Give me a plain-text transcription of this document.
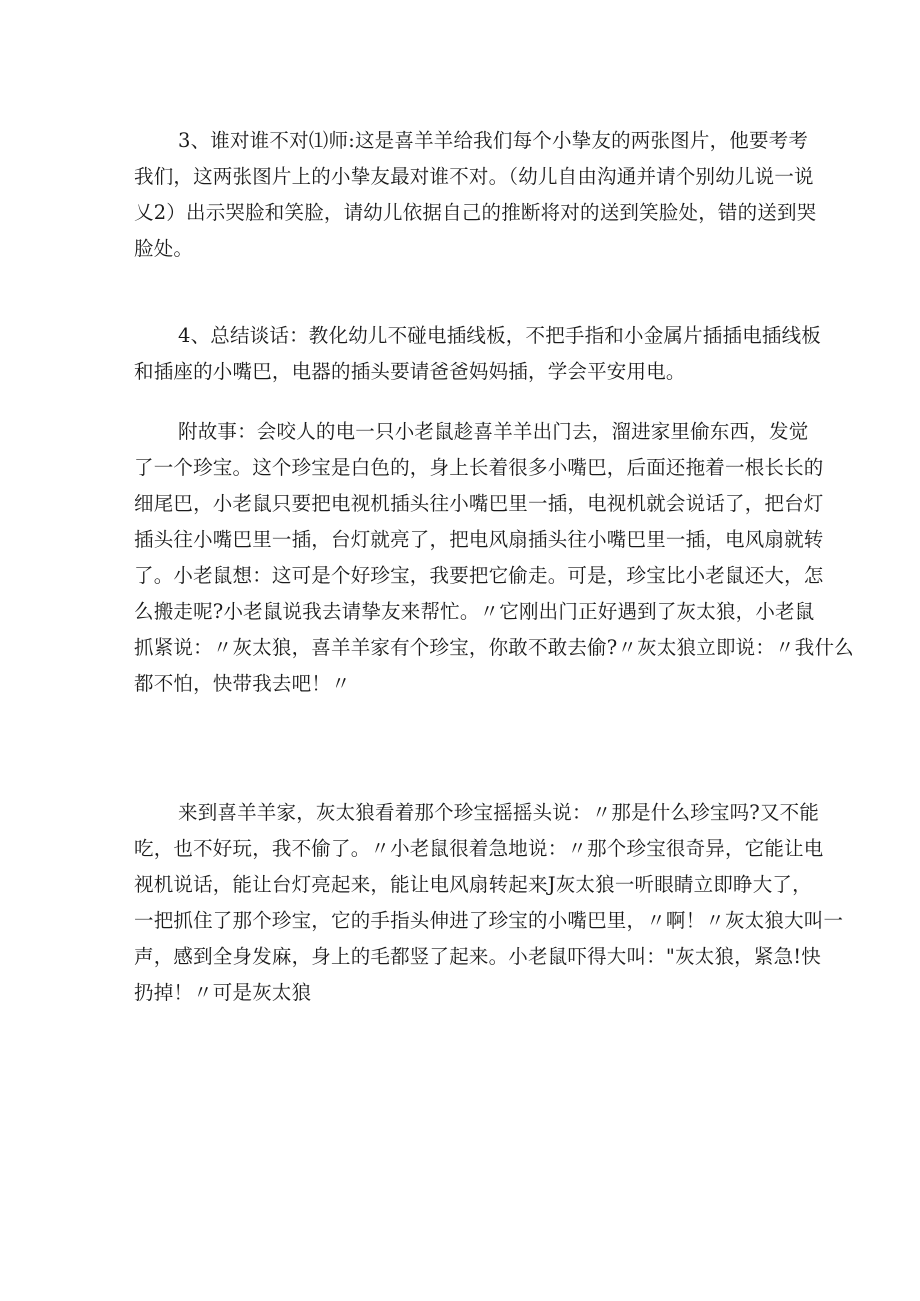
3、谁对谁不对⑴师:这是喜羊羊给我们每个小挚友的两张图片，他要考考
我们，这两张图片上的小挚友最对谁不对。（幼儿自由沟通并请个别幼儿说一说
乂2）出示哭脸和笑脸，请幼儿依据自己的推断将对的送到笑脸处，错的送到哭
脸处。
4、总结谈话：教化幼儿不碰电插线板，不把手指和小金属片插插电插线板
和插座的小嘴巴，电器的插头要请爸爸妈妈插，学会平安用电。
附故事：会咬人的电一只小老鼠趁喜羊羊出门去，溜进家里偷东西，发觉
了一个珍宝。这个珍宝是白色的，身上长着很多小嘴巴，后面还拖着一根长长的
细尾巴，小老鼠只要把电视机插头往小嘴巴里一插，电视机就会说话了，把台灯
插头往小嘴巴里一插，台灯就亮了，把电风扇插头往小嘴巴里一插，电风扇就转
了。小老鼠想：这可是个好珍宝，我要把它偷走。可是，珍宝比小老鼠还大，怎
么搬走呢?小老鼠说我去请挚友来帮忙。〃它刚出门正好遇到了灰太狼，小老鼠
抓紧说：〃灰太狼，喜羊羊家有个珍宝，你敢不敢去偷?〃灰太狼立即说：〃我什么
都不怕，快带我去吧！〃
来到喜羊羊家，灰太狼看着那个珍宝摇摇头说：〃那是什么珍宝吗?又不能
吃，也不好玩，我不偷了。〃小老鼠很着急地说：〃那个珍宝很奇异，它能让电
视机说话，能让台灯亮起来，能让电风扇转起来J灰太狼一听眼睛立即睁大了，
一把抓住了那个珍宝，它的手指头伸进了珍宝的小嘴巴里，〃啊！〃灰太狼大叫一
声，感到全身发麻，身上的毛都竖了起来。小老鼠吓得大叫："灰太狼，紧急!快
扔掉！〃可是灰太狼
